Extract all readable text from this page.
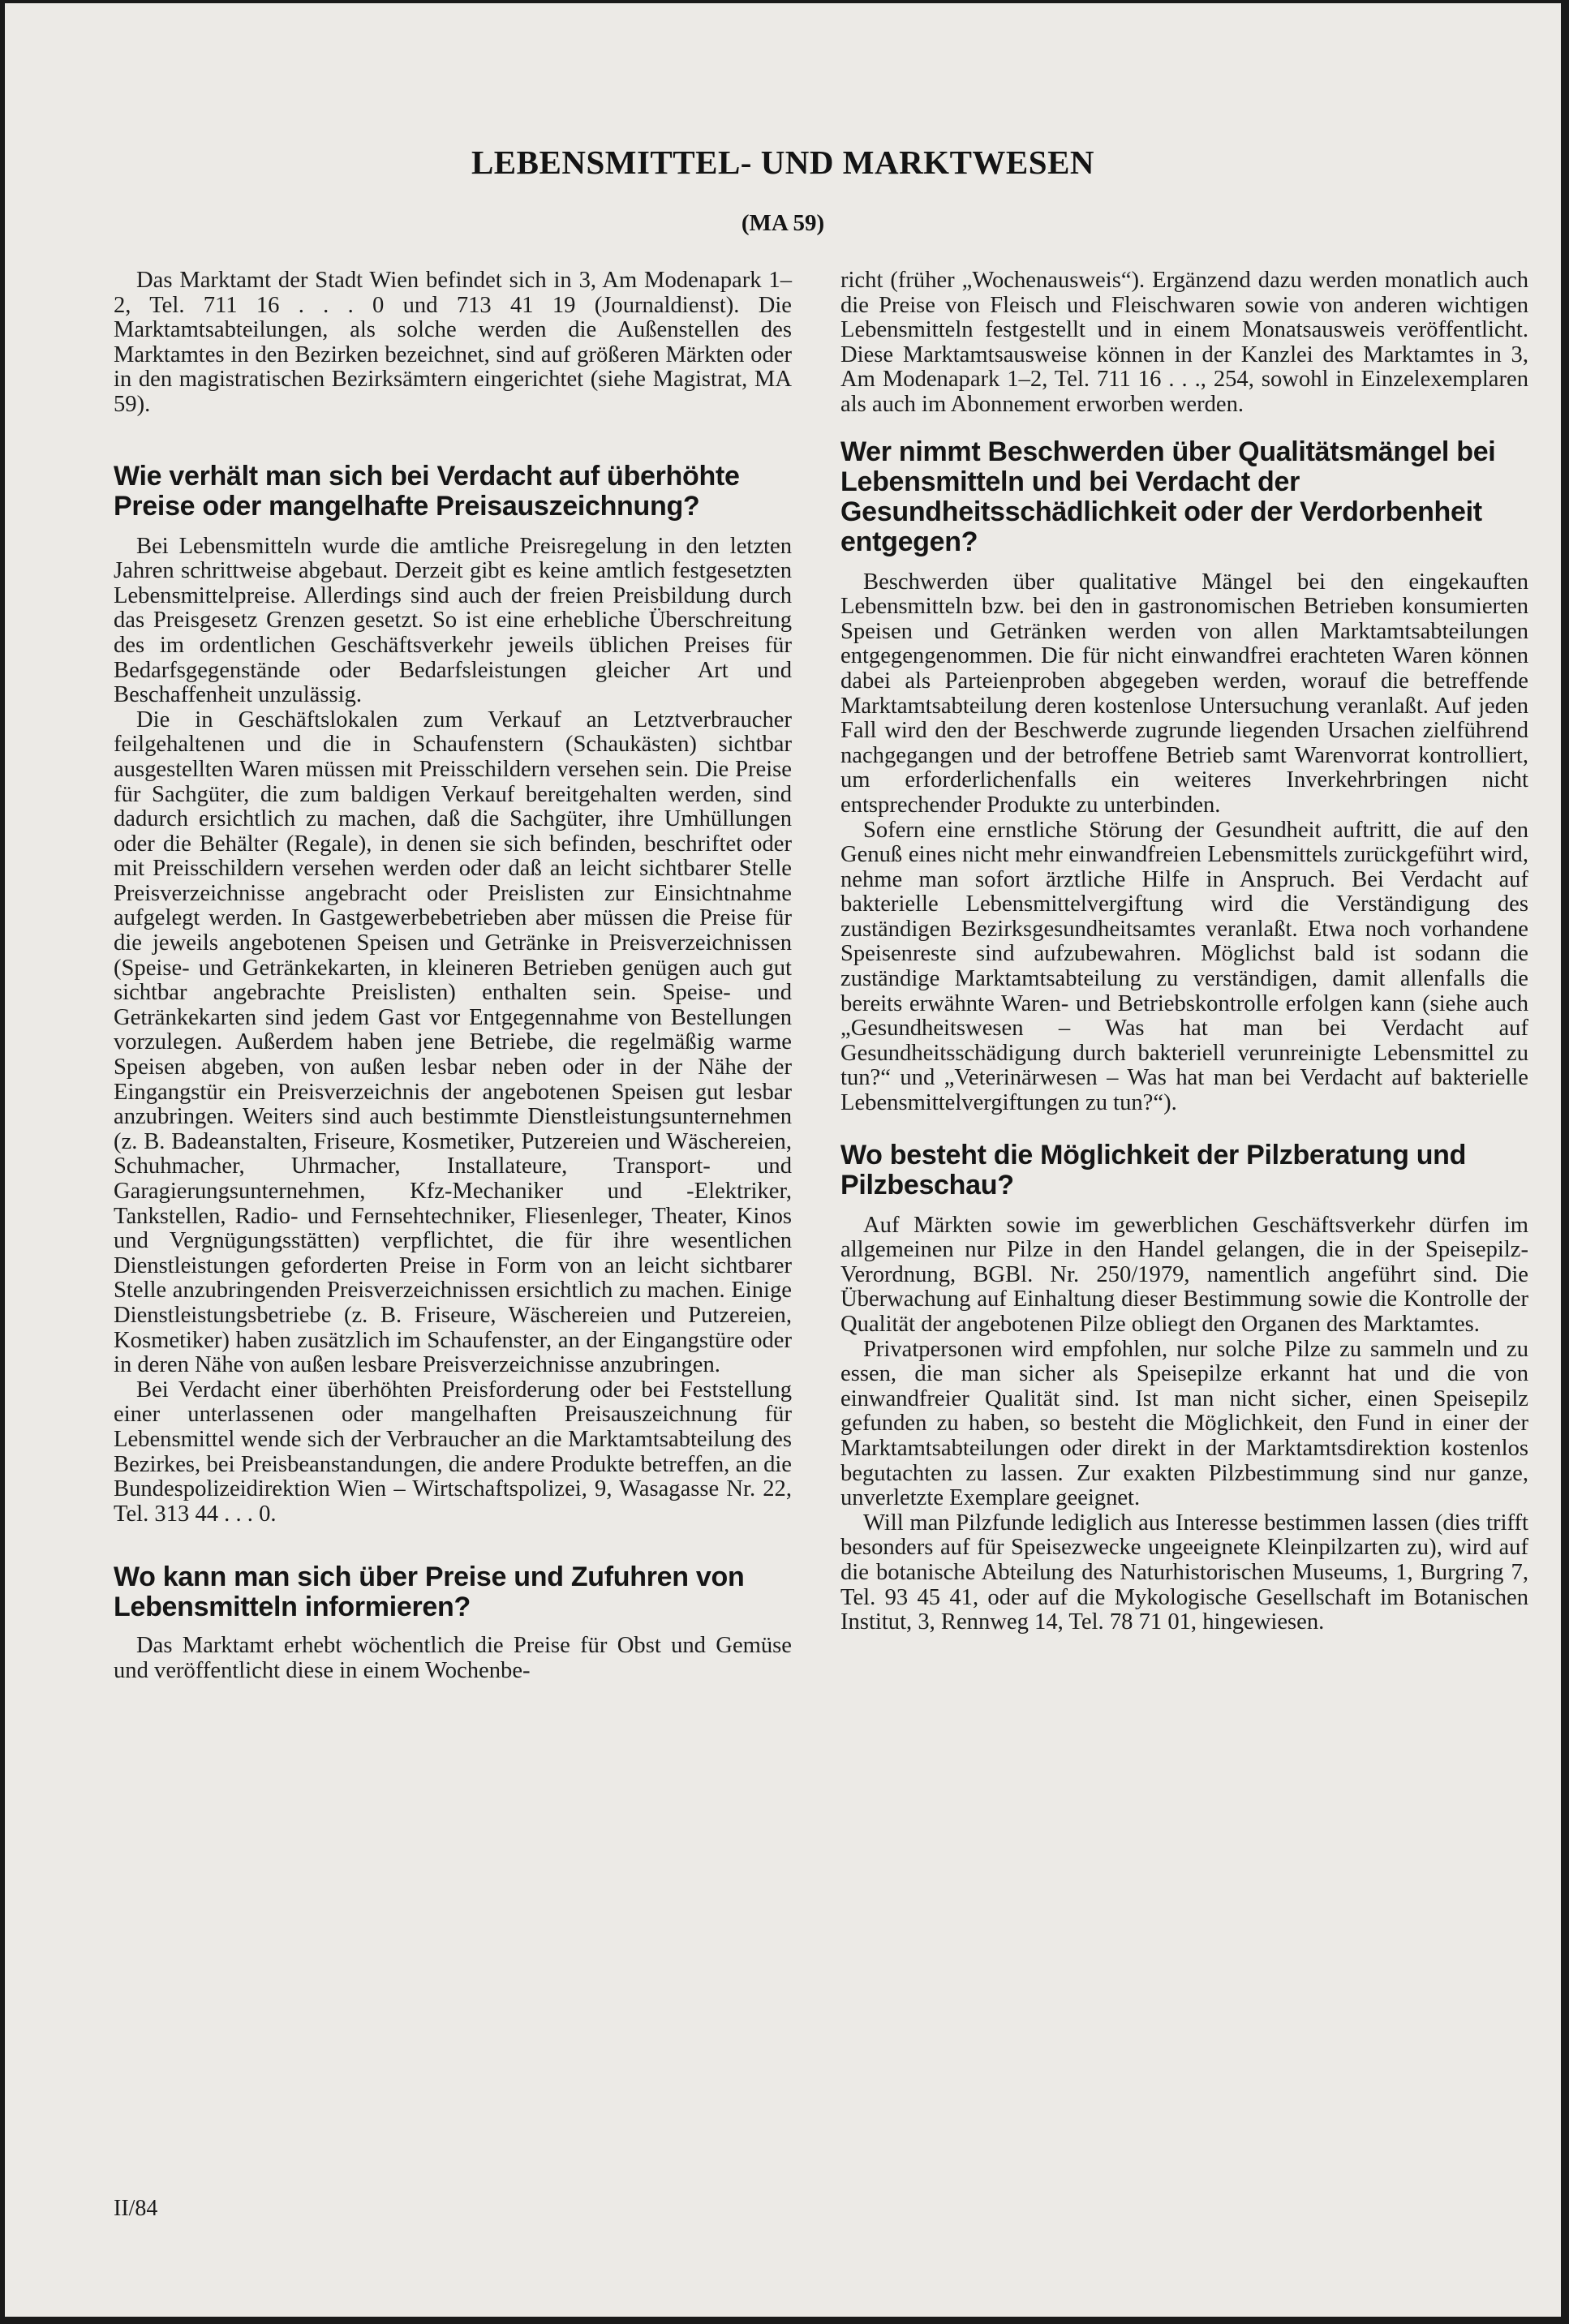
LEBENSMITTEL- UND MARKTWESEN
(MA 59)

Das Marktamt der Stadt Wien befindet sich in 3, Am Modenapark 1–2, Tel. 711 16 . . . 0 und 713 41 19 (Journaldienst). Die Marktamtsabteilungen, als solche werden die Außenstellen des Marktamtes in den Bezirken bezeichnet, sind auf größeren Märkten oder in den magistratischen Bezirksämtern eingerichtet (siehe Magistrat, MA 59).

Wie verhält man sich bei Verdacht auf überhöhte Preise oder mangelhafte Preisauszeichnung?

Bei Lebensmitteln wurde die amtliche Preisregelung in den letzten Jahren schrittweise abgebaut. Derzeit gibt es keine amtlich festgesetzten Lebensmittelpreise. Allerdings sind auch der freien Preisbildung durch das Preisgesetz Grenzen gesetzt. So ist eine erhebliche Überschreitung des im ordentlichen Geschäftsverkehr jeweils üblichen Preises für Bedarfsgegenstände oder Bedarfsleistungen gleicher Art und Beschaffenheit unzulässig.

Die in Geschäftslokalen zum Verkauf an Letztverbraucher feilgehaltenen und die in Schaufenstern (Schaukästen) sichtbar ausgestellten Waren müssen mit Preisschildern versehen sein. Die Preise für Sachgüter, die zum baldigen Verkauf bereitgehalten werden, sind dadurch ersichtlich zu machen, daß die Sachgüter, ihre Umhüllungen oder die Behälter (Regale), in denen sie sich befinden, beschriftet oder mit Preisschildern versehen werden oder daß an leicht sichtbarer Stelle Preisverzeichnisse angebracht oder Preislisten zur Einsichtnahme aufgelegt werden. In Gastgewerbebetrieben aber müssen die Preise für die jeweils angebotenen Speisen und Getränke in Preisverzeichnissen (Speise- und Getränkekarten, in kleineren Betrieben genügen auch gut sichtbar angebrachte Preislisten) enthalten sein. Speise- und Getränkekarten sind jedem Gast vor Entgegennahme von Bestellungen vorzulegen. Außerdem haben jene Betriebe, die regelmäßig warme Speisen abgeben, von außen lesbar neben oder in der Nähe der Eingangstür ein Preisverzeichnis der angebotenen Speisen gut lesbar anzubringen. Weiters sind auch bestimmte Dienstleistungsunternehmen (z. B. Badeanstalten, Friseure, Kosmetiker, Putzereien und Wäschereien, Schuhmacher, Uhrmacher, Installateure, Transport- und Garagierungsunternehmen, Kfz-Mechaniker und -Elektriker, Tankstellen, Radio- und Fernsehtechniker, Fliesenleger, Theater, Kinos und Vergnügungsstätten) verpflichtet, die für ihre wesentlichen Dienstleistungen geforderten Preise in Form von an leicht sichtbarer Stelle anzubringenden Preisverzeichnissen ersichtlich zu machen. Einige Dienstleistungsbetriebe (z. B. Friseure, Wäschereien und Putzereien, Kosmetiker) haben zusätzlich im Schaufenster, an der Eingangstüre oder in deren Nähe von außen lesbare Preisverzeichnisse anzubringen.

Bei Verdacht einer überhöhten Preisforderung oder bei Feststellung einer unterlassenen oder mangelhaften Preisauszeichnung für Lebensmittel wende sich der Verbraucher an die Marktamtsabteilung des Bezirkes, bei Preisbeanstandungen, die andere Produkte betreffen, an die Bundespolizeidirektion Wien – Wirtschaftspolizei, 9, Wasagasse Nr. 22, Tel. 313 44 . . . 0.

Wo kann man sich über Preise und Zufuhren von Lebensmitteln informieren?

Das Marktamt erhebt wöchentlich die Preise für Obst und Gemüse und veröffentlicht diese in einem Wochenbe-

richt (früher „Wochenausweis“). Ergänzend dazu werden monatlich auch die Preise von Fleisch und Fleischwaren sowie von anderen wichtigen Lebensmitteln festgestellt und in einem Monatsausweis veröffentlicht. Diese Marktamtsausweise können in der Kanzlei des Marktamtes in 3, Am Modenapark 1–2, Tel. 711 16 . . ., 254, sowohl in Einzelexemplaren als auch im Abonnement erworben werden.

Wer nimmt Beschwerden über Qualitätsmängel bei Lebensmitteln und bei Verdacht der Gesundheitsschädlichkeit oder der Verdorbenheit entgegen?

Beschwerden über qualitative Mängel bei den eingekauften Lebensmitteln bzw. bei den in gastronomischen Betrieben konsumierten Speisen und Getränken werden von allen Marktamtsabteilungen entgegengenommen. Die für nicht einwandfrei erachteten Waren können dabei als Parteienproben abgegeben werden, worauf die betreffende Marktamtsabteilung deren kostenlose Untersuchung veranlaßt. Auf jeden Fall wird den der Beschwerde zugrunde liegenden Ursachen zielführend nachgegangen und der betroffene Betrieb samt Warenvorrat kontrolliert, um erforderlichenfalls ein weiteres Inverkehrbringen nicht entsprechender Produkte zu unterbinden.

Sofern eine ernstliche Störung der Gesundheit auftritt, die auf den Genuß eines nicht mehr einwandfreien Lebensmittels zurückgeführt wird, nehme man sofort ärztliche Hilfe in Anspruch. Bei Verdacht auf bakterielle Lebensmittelvergiftung wird die Verständigung des zuständigen Bezirksgesundheitsamtes veranlaßt. Etwa noch vorhandene Speisenreste sind aufzubewahren. Möglichst bald ist sodann die zuständige Marktamtsabteilung zu verständigen, damit allenfalls die bereits erwähnte Waren- und Betriebskontrolle erfolgen kann (siehe auch „Gesundheitswesen – Was hat man bei Verdacht auf Gesundheitsschädigung durch bakteriell verunreinigte Lebensmittel zu tun?“ und „Veterinärwesen – Was hat man bei Verdacht auf bakterielle Lebensmittelvergiftungen zu tun?“).

Wo besteht die Möglichkeit der Pilzberatung und Pilzbeschau?

Auf Märkten sowie im gewerblichen Geschäftsverkehr dürfen im allgemeinen nur Pilze in den Handel gelangen, die in der Speisepilz-Verordnung, BGBl. Nr. 250/1979, namentlich angeführt sind. Die Überwachung auf Einhaltung dieser Bestimmung sowie die Kontrolle der Qualität der angebotenen Pilze obliegt den Organen des Marktamtes.

Privatpersonen wird empfohlen, nur solche Pilze zu sammeln und zu essen, die man sicher als Speisepilze erkannt hat und die von einwandfreier Qualität sind. Ist man nicht sicher, einen Speisepilz gefunden zu haben, so besteht die Möglichkeit, den Fund in einer der Marktamtsabteilungen oder direkt in der Marktamtsdirektion kostenlos begutachten zu lassen. Zur exakten Pilzbestimmung sind nur ganze, unverletzte Exemplare geeignet.

Will man Pilzfunde lediglich aus Interesse bestimmen lassen (dies trifft besonders auf für Speisezwecke ungeeignete Kleinpilzarten zu), wird auf die botanische Abteilung des Naturhistorischen Museums, 1, Burgring 7, Tel. 93 45 41, oder auf die Mykologische Gesellschaft im Botanischen Institut, 3, Rennweg 14, Tel. 78 71 01, hingewiesen.

II/84
